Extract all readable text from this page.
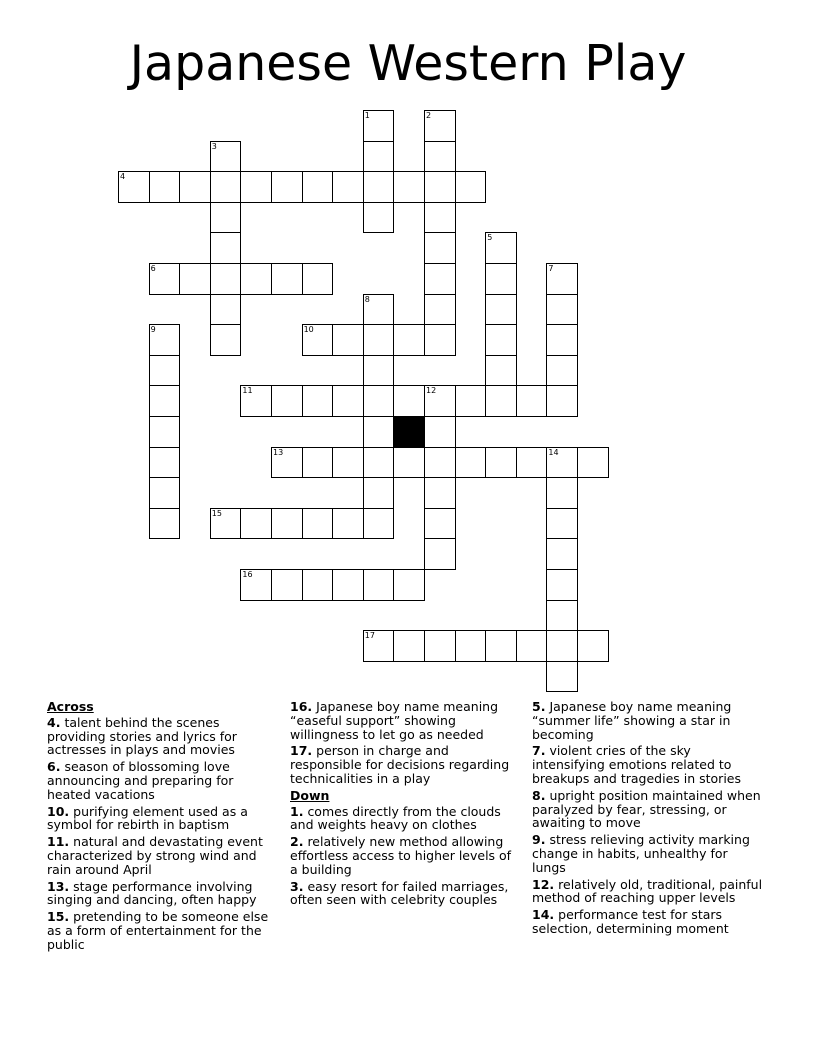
Japanese Western Play
1	2
3
4
5
6	7
8
9	10
11	12
13	14
15
16
17
Across
4. talent behind the scenes providing stories and lyrics for actresses in plays and movies
6. season of blossoming love announcing and preparing for heated vacations
10. purifying element used as a symbol for rebirth in baptism
11. natural and devastating event characterized by strong wind and rain around April
13. stage performance involving singing and dancing, often happy
15. pretending to be someone else as a form of entertainment for the public
16. Japanese boy name meaning “easeful support” showing willingness to let go as needed
17. person in charge and responsible for decisions regarding technicalities in a play
Down
1. comes directly from the clouds and weights heavy on clothes
2. relatively new method allowing effortless access to higher levels of a building
3. easy resort for failed marriages, often seen with celebrity couples
5. Japanese boy name meaning “summer life” showing a star in becoming
7. violent cries of the sky intensifying emotions related to breakups and tragedies in stories
8. upright position maintained when paralyzed by fear, stressing, or awaiting to move
9. stress relieving activity marking change in habits, unhealthy for lungs
12. relatively old, traditional, painful method of reaching upper levels
14. performance test for stars selection, determining moment
